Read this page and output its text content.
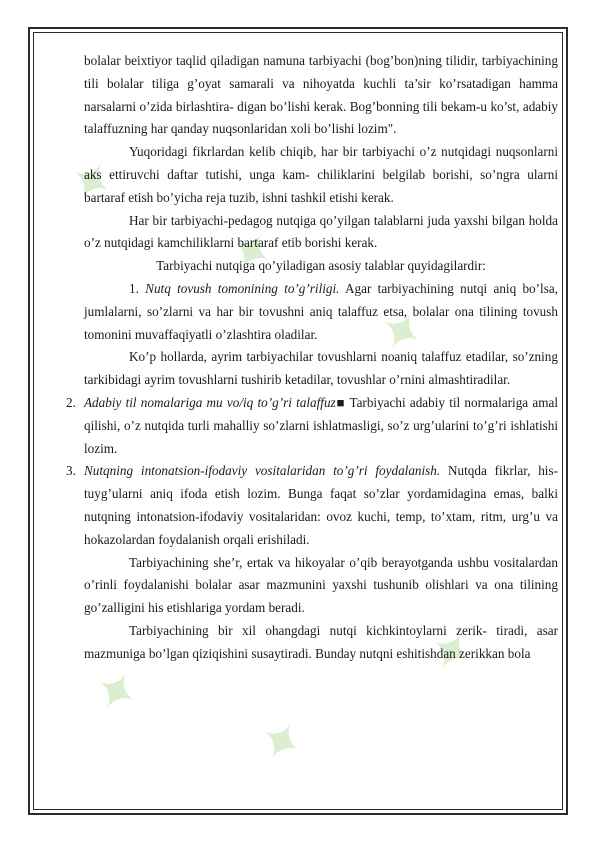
✦
✦
✦
✦
✦
✦

bolalar beixtiyor taqlid qiladigan namuna tarbiyachi (bog’bon)ning tilidir, tarbiyachining tili bolalar tiliga g’oyat samarali va nihoyatda kuchli ta’sir ko’rsatadigan hamma narsalarni o’zida birlashtira- digan bo’lishi kerak. Bog’bonning tili bekam-u ko’st, adabiy talaffuzning har qanday nuqsonlaridan xoli bo’lishi lozim".

Yuqoridagi fikrlardan kelib chiqib, har bir tarbiyachi o’z nutqidagi nuqsonlarni aks ettiruvchi daftar tutishi, unga kam- chiliklarini belgilab borishi, so’ngra ularni bartaraf etish bo’yicha reja tuzib, ishni tashkil etishi kerak.

Har bir tarbiyachi-pedagog nutqiga qo’yilgan talablarni juda yaxshi bilgan holda o’z nutqidagi kamchiliklarni bartaraf etib borishi kerak.

Tarbiyachi nutqiga qo’yiladigan asosiy talablar quyidagilardir:

1. Nutq tovush tomonining to’g’riligi. Agar tarbiyachining nutqi aniq bo’lsa, jumlalarni, so’zlarni va har bir tovushni aniq talaffuz etsa, bolalar ona tilining tovush tomonini muvaffaqiyatli o’zlashtira oladilar.

Ko’p hollarda, ayrim tarbiyachilar tovushlarni noaniq talaffuz etadilar, so’zning tarkibidagi ayrim tovushlarni tushirib ketadilar, tovushlar o’rnini almashtiradilar.

2. Adabiy til nomalariga mu vo/iq to’g’ri talaffuz■ Tarbiyachi adabiy til normalariga amal qilishi, o’z nutqida turli mahalliy so’zlarni ishlatmasligi, so’z urg’ularini to’g’ri ishlatishi lozim.

3. Nutqning intonatsion-ifodaviy vositalaridan to’g’ri foydalanish. Nutqda fikrlar, his-tuyg’ularni aniq ifoda etish lozim. Bunga faqat so’zlar yordamidagina emas, balki nutqning intonatsion-ifodaviy vositalaridan: ovoz kuchi, temp, to’xtam, ritm, urg’u va hokazolardan foydalanish orqali erishiladi.

Tarbiyachining she’r, ertak va hikoyalar o’qib berayotganda ushbu vositalardan o’rinli foydalanishi bolalar asar mazmunini yaxshi tushunib olishlari va ona tilining go’zalligini his etishlariga yordam beradi.

Tarbiyachining bir xil ohangdagi nutqi kichkintoylarni zerik- tiradi, asar mazmuniga bo’lgan qiziqishini susaytiradi. Bunday nutqni eshitishdan zerikkan bola
